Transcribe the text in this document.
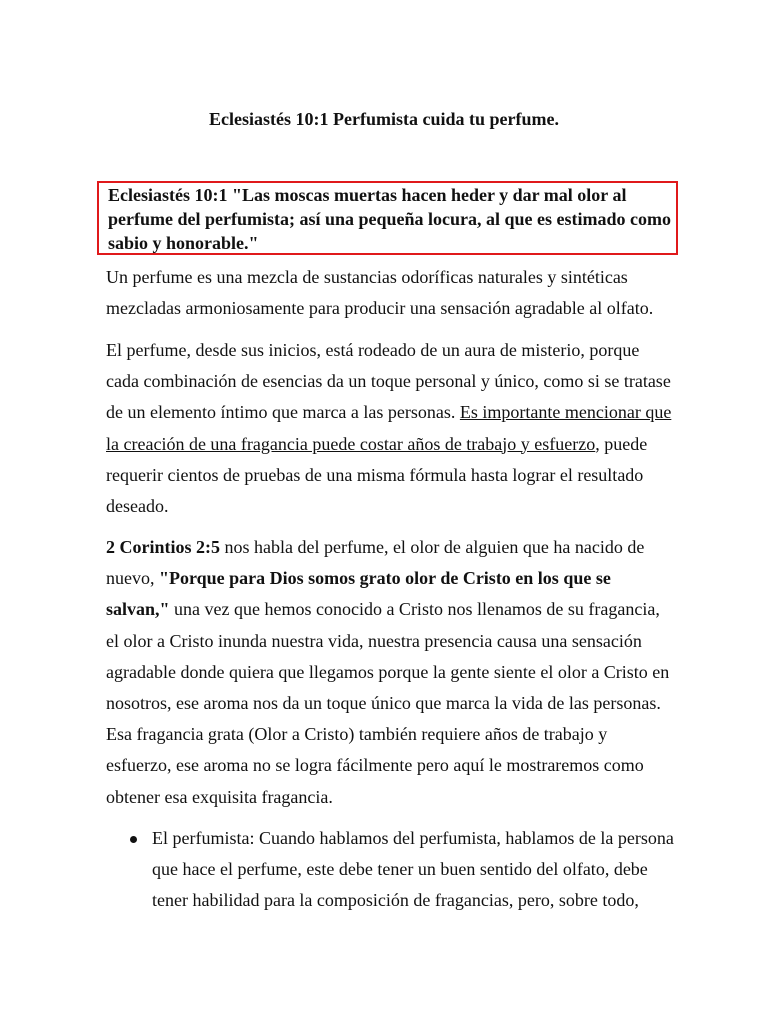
Eclesiastés 10:1 Perfumista cuida tu perfume.
Eclesiastés 10:1 "Las moscas muertas hacen heder y dar mal olor al
perfume del perfumista; así una pequeña locura, al que es estimado como
sabio y honorable."
Un perfume es una mezcla de sustancias odoríficas naturales y sintéticas
mezcladas armoniosamente para producir una sensación agradable al olfato.
El perfume, desde sus inicios, está rodeado de un aura de misterio, porque
cada combinación de esencias da un toque personal y único, como si se tratase
de un elemento íntimo que marca a las personas. Es importante mencionar que
la creación de una fragancia puede costar años de trabajo y esfuerzo, puede
requerir cientos de pruebas de una misma fórmula hasta lograr el resultado
deseado.
2 Corintios 2:5 nos habla del perfume, el olor de alguien que ha nacido de
nuevo, "Porque para Dios somos grato olor de Cristo en los que se
salvan," una vez que hemos conocido a Cristo nos llenamos de su fragancia,
el olor a Cristo inunda nuestra vida, nuestra presencia causa una sensación
agradable donde quiera que llegamos porque la gente siente el olor a Cristo en
nosotros, ese aroma nos da un toque único que marca la vida de las personas.
Esa fragancia grata (Olor a Cristo) también requiere años de trabajo y
esfuerzo, ese aroma no se logra fácilmente pero aquí le mostraremos como
obtener esa exquisita fragancia.
El perfumista: Cuando hablamos del perfumista, hablamos de la persona
que hace el perfume, este debe tener un buen sentido del olfato, debe
tener habilidad para la composición de fragancias, pero, sobre todo,
